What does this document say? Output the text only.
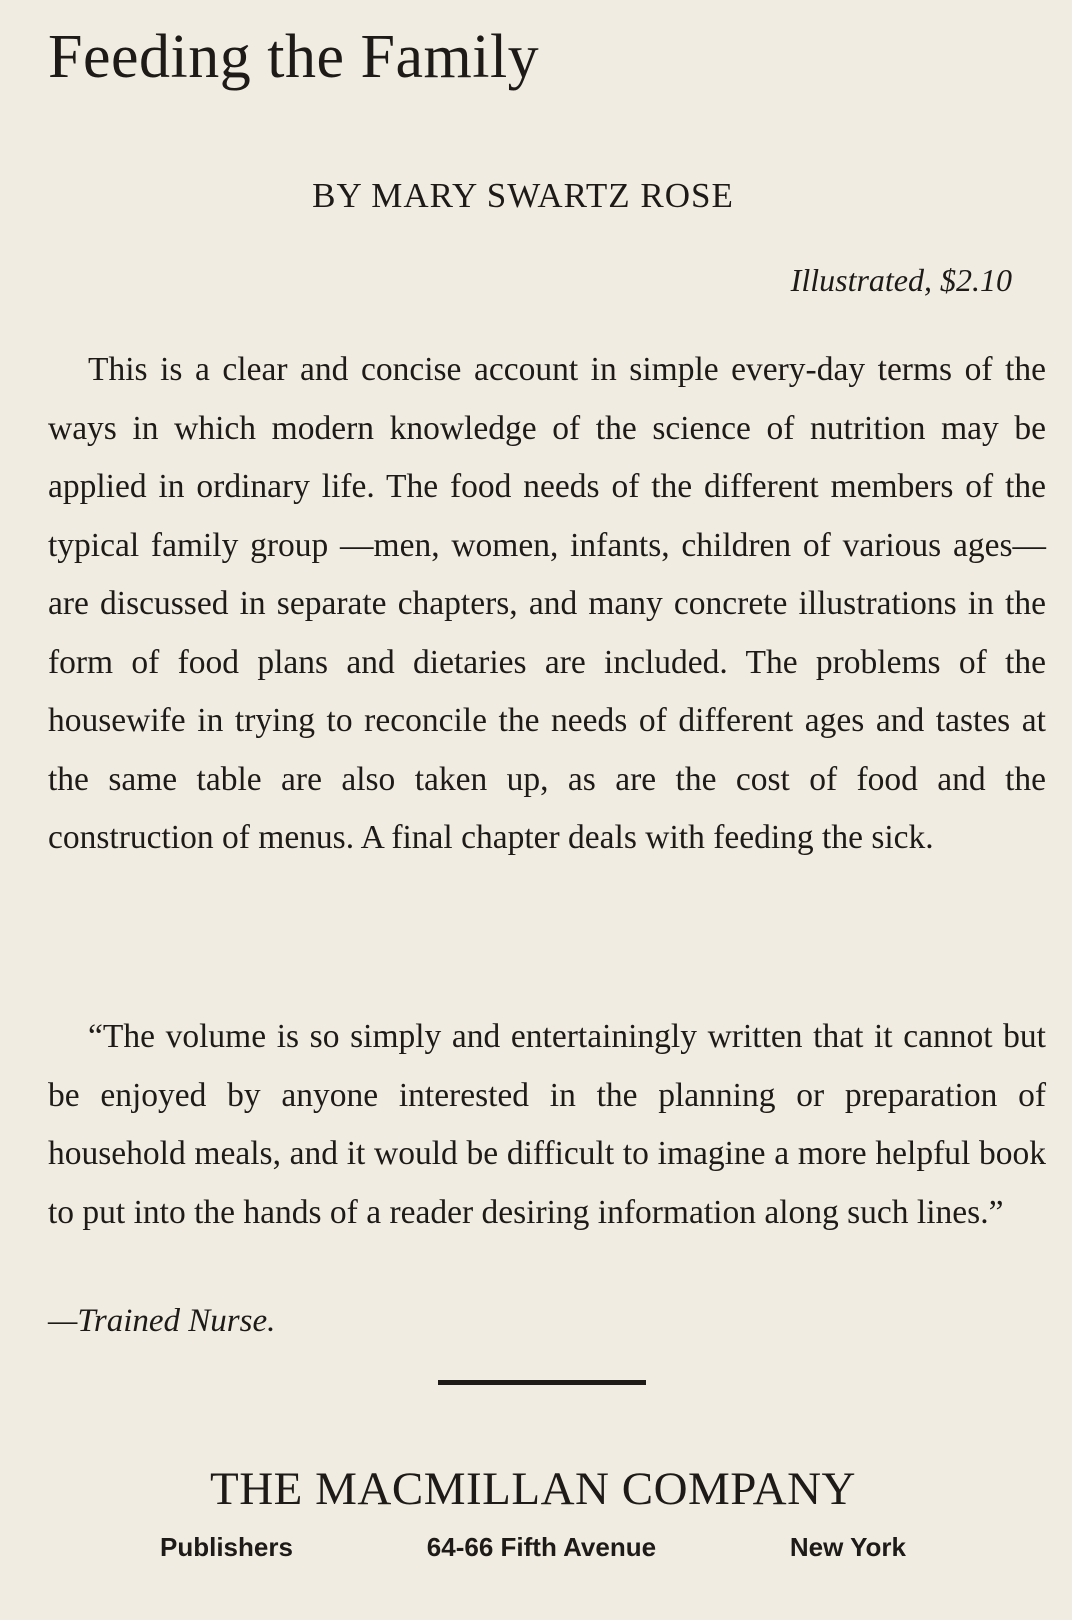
Feeding the Family

BY MARY SWARTZ ROSE

Illustrated, $2.10

This is a clear and concise account in simple every-day terms of the ways in which modern knowledge of the science of nutrition may be applied in ordinary life. The food needs of the different members of the typical family group —men, women, infants, children of various ages—are discussed in separate chapters, and many concrete illustrations in the form of food plans and dietaries are included. The problems of the housewife in trying to reconcile the needs of different ages and tastes at the same table are also taken up, as are the cost of food and the construction of menus. A final chapter deals with feeding the sick.

“The volume is so simply and entertainingly written that it cannot but be enjoyed by anyone interested in the planning or preparation of household meals, and it would be difficult to imagine a more helpful book to put into the hands of a reader desiring information along such lines.”

—Trained Nurse.

THE MACMILLAN COMPANY
Publishers	64-66 Fifth Avenue	New York
